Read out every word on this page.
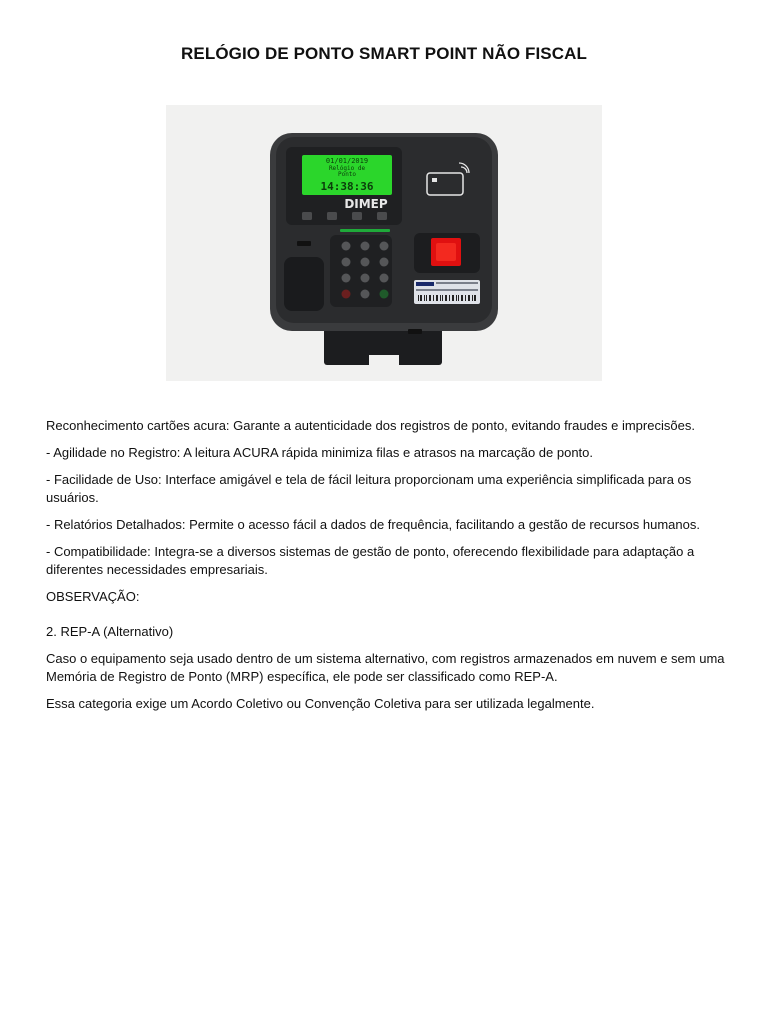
RELÓGIO DE PONTO SMART POINT NÃO FISCAL
01/01/2019
Relógio de
Ponto
14:38:36
DIMEP

Reconhecimento cartões acura: Garante a autenticidade dos registros de ponto, evitando fraudes e imprecisões.

- Agilidade no Registro: A leitura ACURA rápida minimiza filas e atrasos na marcação de ponto.

- Facilidade de Uso: Interface amigável e tela de fácil leitura proporcionam uma experiência simplificada para os usuários.

- Relatórios Detalhados: Permite o acesso fácil a dados de frequência, facilitando a gestão de recursos humanos.

- Compatibilidade: Integra-se a diversos sistemas de gestão de ponto, oferecendo flexibilidade para adaptação a diferentes necessidades empresariais.

OBSERVAÇÃO:

2. REP-A (Alternativo)

Caso o equipamento seja usado dentro de um sistema alternativo, com registros armazenados em nuvem e sem uma Memória de Registro de Ponto (MRP) específica, ele pode ser classificado como REP-A.

Essa categoria exige um Acordo Coletivo ou Convenção Coletiva para ser utilizada legalmente.
